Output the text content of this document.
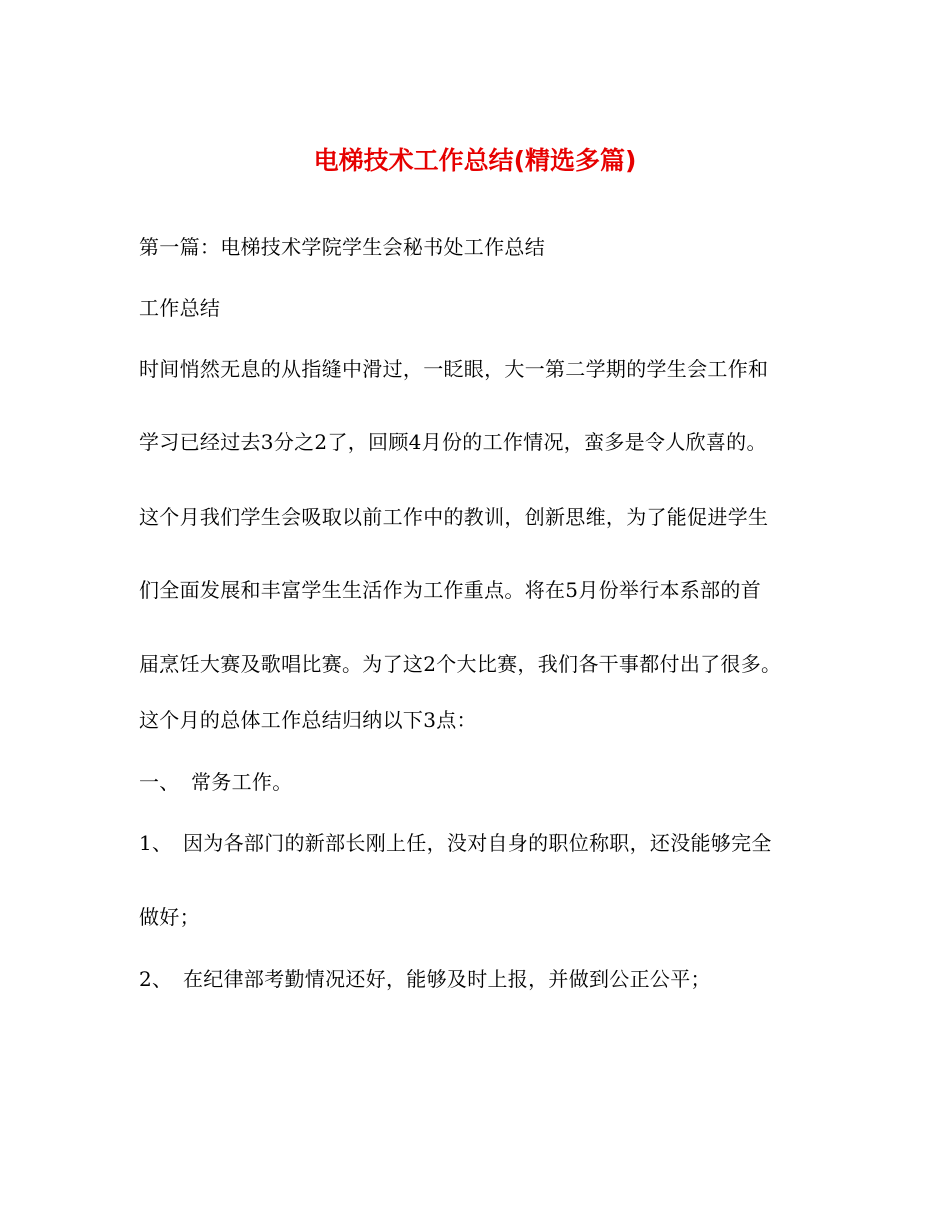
电梯技术工作总结(精选多篇)
第一篇：电梯技术学院学生会秘书处工作总结
工作总结
时间悄然无息的从指缝中滑过，一眨眼，大一第二学期的学生会工作和
学习已经过去3分之2了，回顾4月份的工作情况，蛮多是令人欣喜的。
这个月我们学生会吸取以前工作中的教训，创新思维，为了能促进学生
们全面发展和丰富学生生活作为工作重点。将在5月份举行本系部的首
届烹饪大赛及歌唱比赛。为了这2个大比赛，我们各干事都付出了很多。
这个月的总体工作总结归纳以下3点：
一、 常务工作。
1、 因为各部门的新部长刚上任，没对自身的职位称职，还没能够完全
做好；
2、 在纪律部考勤情况还好，能够及时上报，并做到公正公平；
